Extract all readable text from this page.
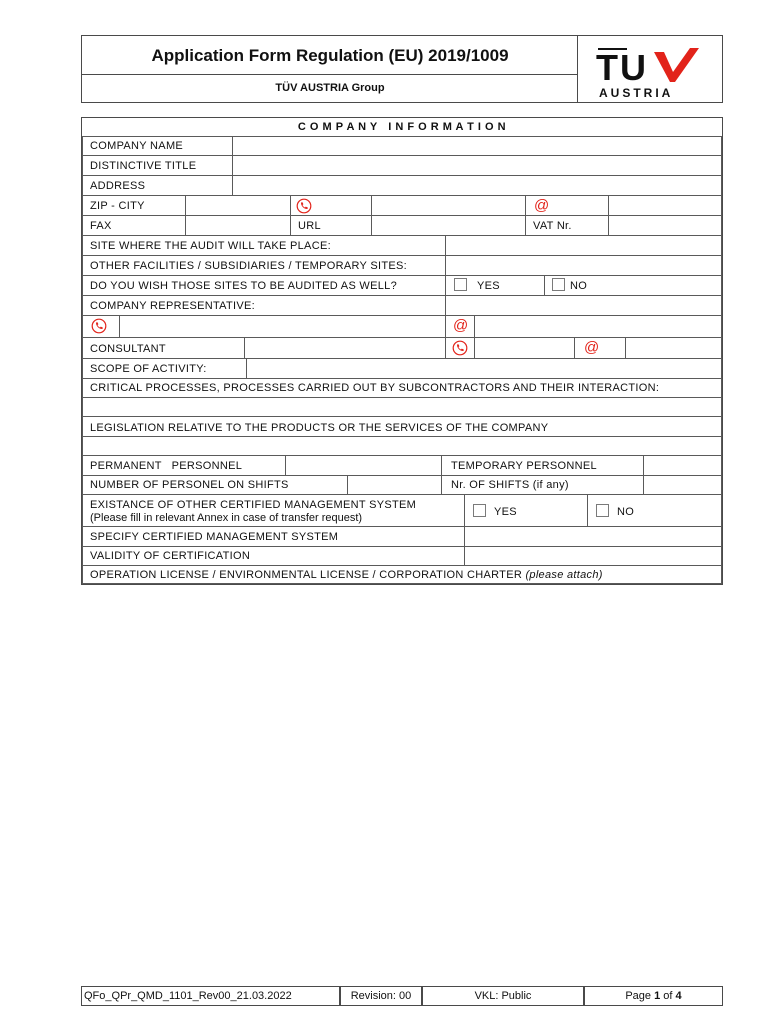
Application Form Regulation (EU) 2019/1009
TÜV AUSTRIA Group	T U
AUSTRIA
C O M P A N Y   I N F O R M A T I O N
COMPANY NAME
DISTINCTIVE TITLE
ADDRESS
ZIP - CITY	@
FAX	URL	VAT Nr.
SITE WHERE THE AUDIT WILL TAKE PLACE:
OTHER FACILITIES / SUBSIDIARIES / TEMPORARY SITES:
DO YOU WISH THOSE SITES TO BE AUDITED AS WELL?	YES	NO
COMPANY REPRESENTATIVE:
@
CONSULTANT	@
SCOPE OF ACTIVITY:
CRITICAL PROCESSES, PROCESSES CARRIED OUT BY SUBCONTRACTORS AND THEIR INTERACTION:
LEGISLATION RELATIVE TO THE PRODUCTS OR THE SERVICES OF THE COMPANY
PERMANENT   PERSONNEL	TEMPORARY PERSONNEL
NUMBER OF PERSONEL ON SHIFTS	Nr. OF SHIFTS (if any)
EXISTANCE OF OTHER CERTIFIED MANAGEMENT SYSTEM
(Please fill in relevant Annex in case of transfer request)	YES	NO
SPECIFY CERTIFIED MANAGEMENT SYSTEM
VALIDITY OF CERTIFICATION
OPERATION LICENSE / ENVIRONMENTAL LICENSE / CORPORATION CHARTER (please attach)
QFo_QPr_QMD_1101_Rev00_21.03.2022	Revision: 00	VKL: Public	Page 1 of 4
